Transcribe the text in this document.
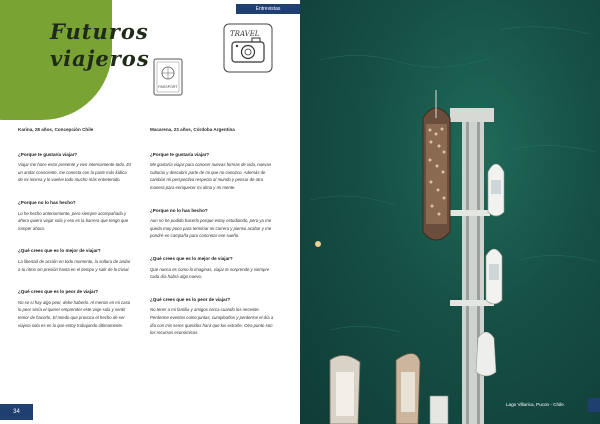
Futuros
viajeros
Entrevistas
PASSPORT
TRAVEL

Karina, 28 años, Concepción Chile

¿Porque te gustaría viajar?

Viajar me hace estar presente y vivir intensamente todo. Es un andar consciente, me conecta con la parte más lúdica de mi misma y lo vuelve todo mucho más entretenido.

¿Porque no lo has hecho?

Lo he hecho anteriormente, pero siempre acompañada y ahora quiero viajar sola y eso es la barrera que tengo que romper ahora.

¿Qué crees que es lo mejor de viajar?

La libertad de acción en todo momento, la soltura de andar a tu ritmo sin presión hasta en el tiempo y salir de lo trivial.

¿Qué crees que es lo peor de viajar?

No se si hay algo peor, debe haberlo. Al menos en mi caso lo peor sería el querer emprender este viaje sola y sentir temor de hacerlo. El miedo que provoca el hecho de ser viajera sola es en lo que estoy trabajando últimamente.

Macarena, 23 años, Córdoba Argentina

¿Porque te gustaría viajar?

Me gustaría viajar para conocer nuevas formas de vida, nuevas culturas y descubrir parte de mi que no conozco. Además de cambiar mi perspectiva respecto al mundo y pensar de otra manera para enriquecer mi alma y mi mente.

¿Porque no lo has hecho?

Aun no he podido hacerlo porque estoy estudiando, pero ya me queda muy poco para terminar mi carrera y pienso acabar y me pondré en campaña para concretar ese sueño.

¿Qué crees que es lo mejor de viajar?

Que nunca es como lo imaginas, viajar te sorprende y siempre cada día habrá algo nuevo.

¿Qué crees que es lo peor de viajar?

No tener a mi familia y amigos cerca cuando los necesite. Perderme eventos como juntas, cumpleaños y perderme el día a día con mis seres queridos hará que los extrañe. Otra punto son los recursos económicos.

34
Lago Villarica, Pucon - Chile.
